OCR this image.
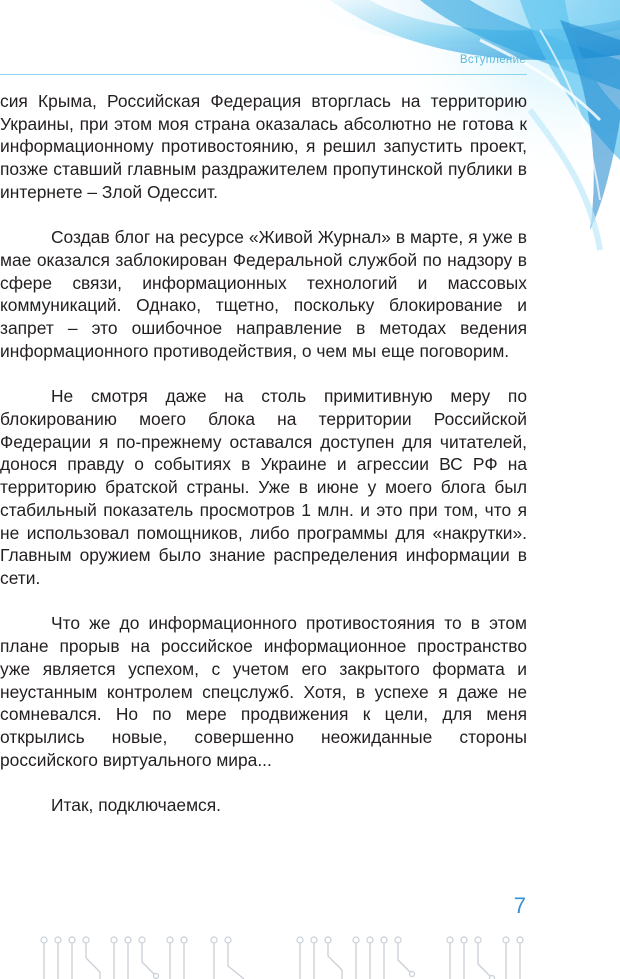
Вступление

сия Крыма, Российская Федерация вторглась на территорию Украины, при этом моя страна оказалась абсолютно не готова к информационному противостоянию, я решил запустить проект, позже ставший главным раздражителем пропутинской публики в интернете – Злой Одессит.

Создав блог на ресурсе «Живой Журнал» в марте, я уже в мае оказался заблокирован Федеральной службой по надзору в сфере связи, информационных технологий и массовых коммуникаций. Однако, тщетно, поскольку блокирование и запрет – это ошибочное направление в методах ведения информационного противодействия, о чем мы еще поговорим.

Не смотря даже на столь примитивную меру по блокированию моего блока на территории Российской Федерации я по-прежнему оставался доступен для читателей, донося правду о событиях в Украине и агрессии ВС РФ на территорию братской страны. Уже в июне у моего блога был стабильный показатель просмотров 1 млн. и это при том, что я не использовал помощников, либо программы для «накрутки». Главным оружием было знание распределения информации в сети.

Что же до информационного противостояния то в этом плане прорыв на российское информационное пространство уже является успехом, с учетом его закрытого формата и неустанным контролем спецслужб. Хотя, в успехе я даже не сомневался. Но по мере продвижения к цели, для меня открылись новые, совершенно неожиданные стороны российского виртуального мира...

Итак, подключаемся.

7
